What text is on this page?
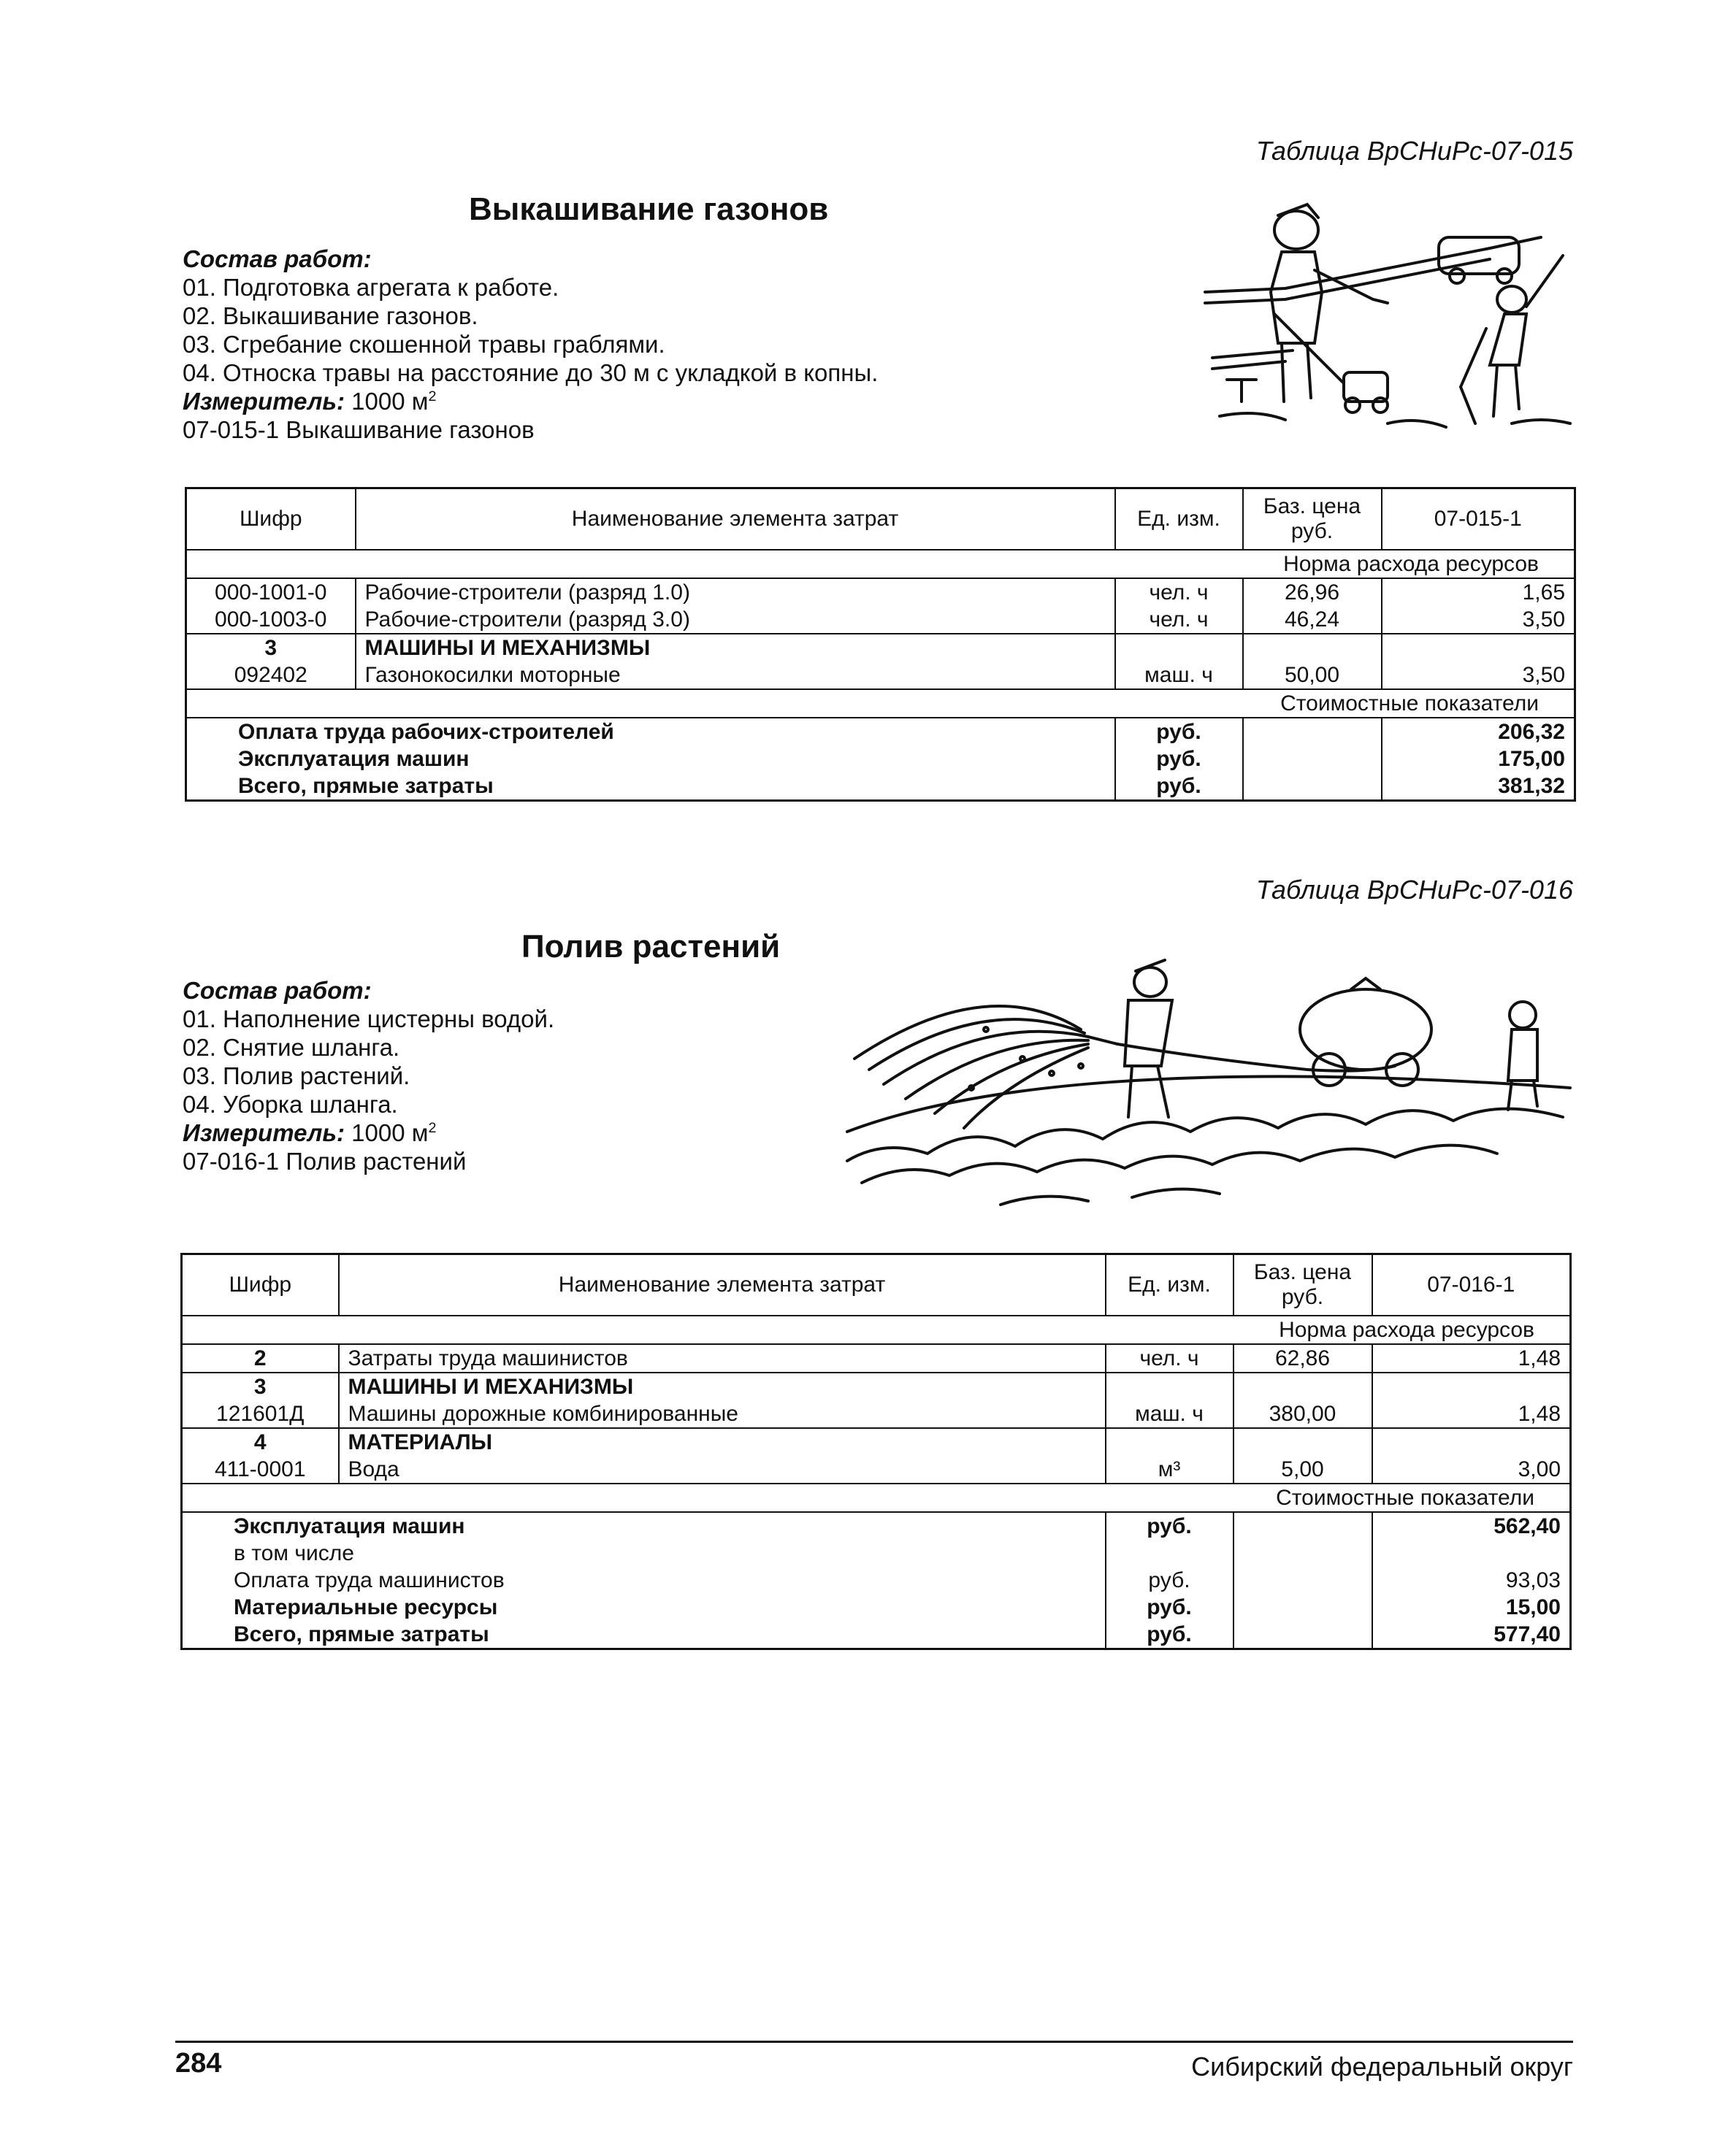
Таблица ВрСНиРс-07-015
Выкашивание газонов
Состав работ:
01. Подготовка агрегата к работе.
02. Выкашивание газонов.
03. Сгребание скошенной травы граблями.
04. Относка травы на расстояние до 30 м с укладкой в копны.
Измеритель: 1000 $м^2$
07-015-1 Выкашивание газонов
Шифр	Наименование элемента затрат	Ед. изм.	Баз. цена руб.	07-015-1
Норма расхода ресурсов				
000-1001-0	Рабочие-строители (разряд 1.0)	чел. ч	26,96	1,65
000-1003-0	Рабочие-строители (разряд 3.0)	чел. ч	46,24	3,50
3	МАШИНЫ И МЕХАНИЗМЫ			
092402	Газонокосилки моторные	маш. ч	50,00	3,50
Стоимостные показатели				
Оплата труда рабочих-строителей		руб.		206,32
Эксплуатация машин		руб.		175,00
Всего, прямые затраты		руб.		381,32
Таблица ВрСНиРс-07-016
Полив растений
Состав работ:
01. Наполнение цистерны водой.
02. Снятие шланга.
03. Полив растений.
04. Уборка шланга.
Измеритель: 1000 $м^2$
07-016-1 Полив растений
Шифр	Наименование элемента затрат	Ед. изм.	Баз. цена руб.	07-016-1
Норма расхода ресурсов				
2	Затраты труда машинистов	чел. ч	62,86	1,48
3	МАШИНЫ И МЕХАНИЗМЫ			
121601Д	Машины дорожные комбинированные	маш. ч	380,00	1,48
4	МАТЕРИАЛЫ			
411-0001	Вода	м³	5,00	3,00
Стоимостные показатели				
Эксплуатация машин		руб.		562,40
в том числе				
Оплата труда машинистов		руб.		93,03
Материальные ресурсы		руб.		15,00
Всего, прямые затраты		руб.		577,40
284	Сибирский федеральный округ
